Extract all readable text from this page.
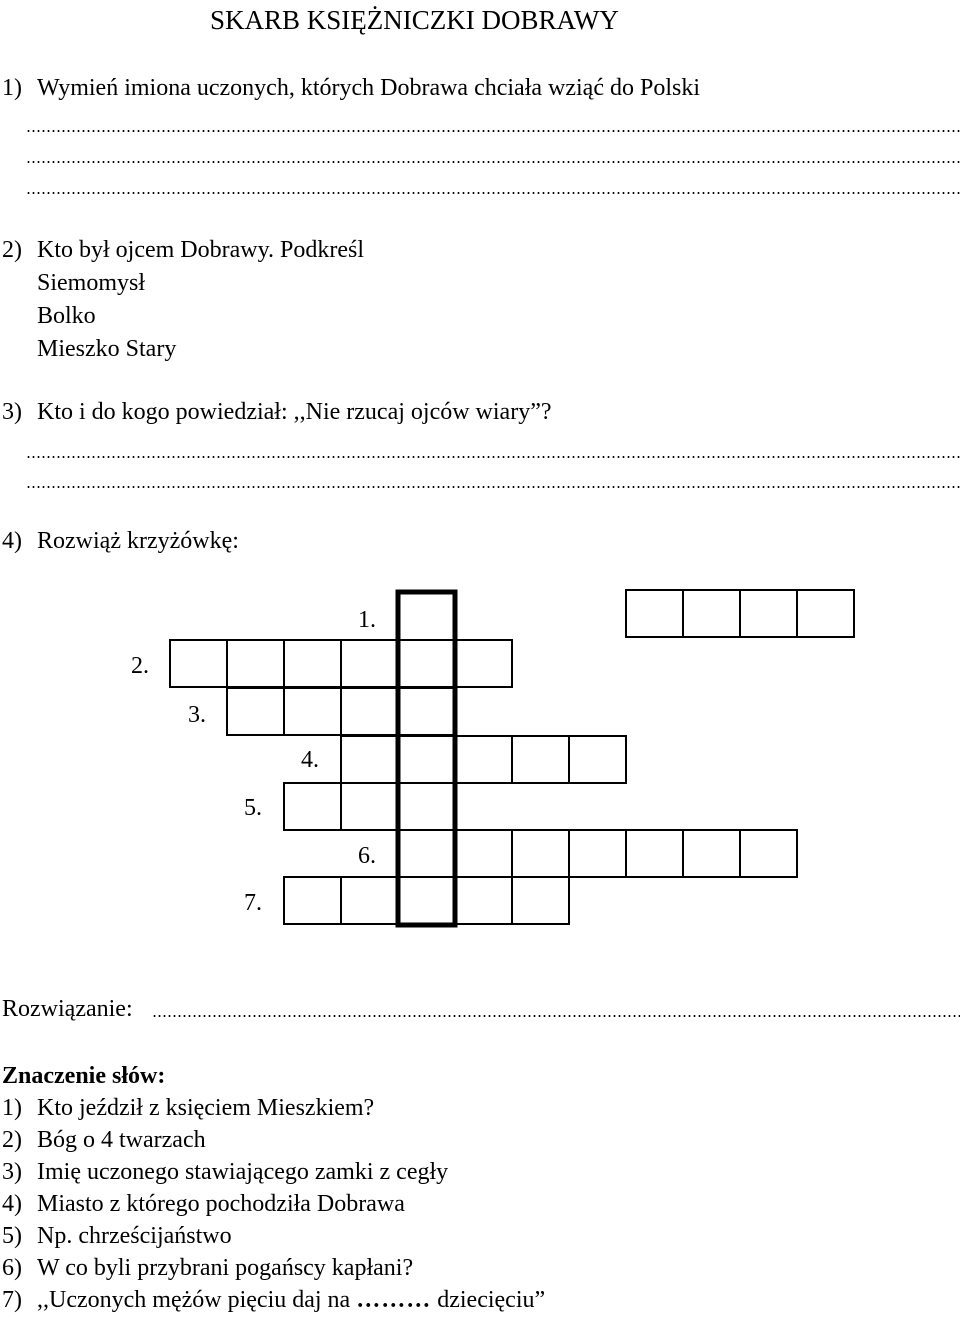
SKARB KSIĘŻNICZKI DOBRAWY
1) Wymień imiona uczonych, których Dobrawa chciała wziąć do Polski
2) Kto był ojcem Dobrawy. Podkreśl
Siemomysł
Bolko
Mieszko Stary
3) Kto i do kogo powiedział: ,,Nie rzucaj ojców wiary”?
4) Rozwiąż krzyżówkę:
1.
2.
3.
4.
5.
6.
7.
Rozwiązanie:
Znaczenie słów:
1) Kto jeździł z księciem Mieszkiem?
2) Bóg o 4 twarzach
3) Imię uczonego stawiającego zamki z cegły
4) Miasto z którego pochodziła Dobrawa
5) Np. chrześcijaństwo
6) W co byli przybrani pogańscy kapłani?
7) ,,Uczonych mężów pięciu daj na ……… dziecięciu”
